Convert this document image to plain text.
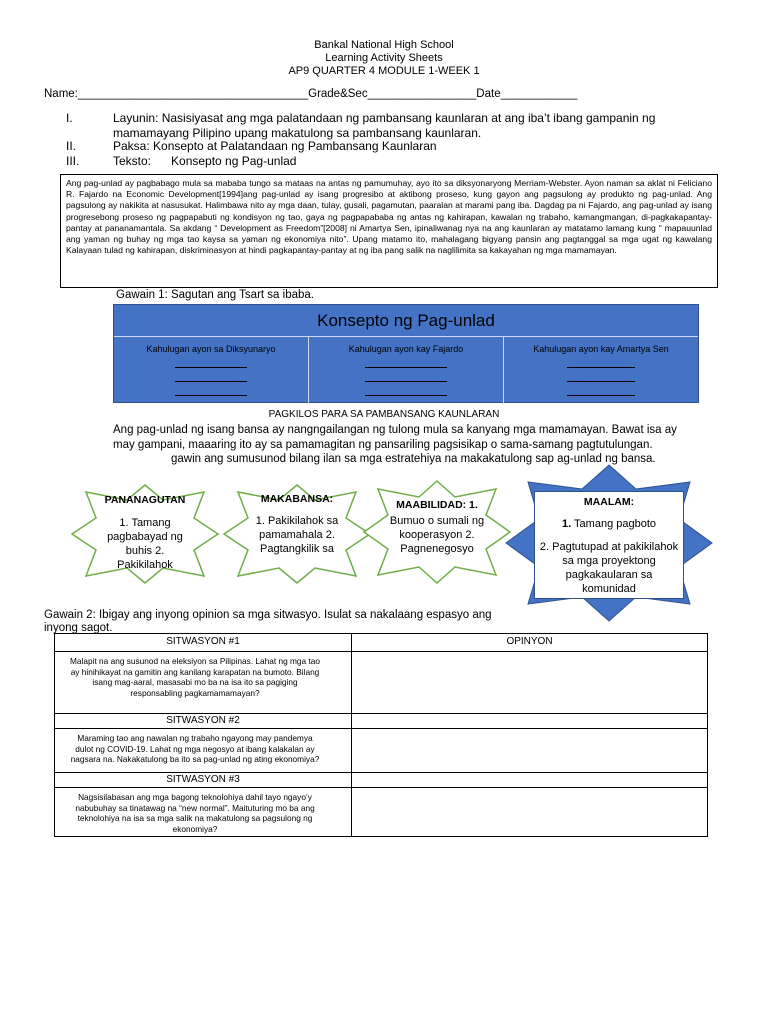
Bankal National High School
Learning Activity Sheets
AP9 QUARTER 4 MODULE 1-WEEK 1
Name:____________________________________Grade&Sec_________________Date____________
I.	Layunin: Nasisiyasat ang mga palatandaan ng pambansang kaunlaran at ang iba’t ibang gampanin ng mamamayang Pilipino upang makatulong sa pambansang kaunlaran.
II.	Paksa: Konsepto at Palatandaan ng Pambansang Kaunlaran
III.	Teksto:      Konsepto ng Pag-unlad
Ang pag-unlad ay pagbabago mula sa mababa tungo sa mataas na antas ng pamumuhay, ayo ito sa diksyonaryong Merriam-Webster. Ayon naman sa aklat ni Feliciano R. Fajardo na Economic Development[1994]ang pag-unlad ay isang progresibo at aktibong proseso, kung gayon ang pagsulong ay produkto ng pag-unlad. Ang pagsulong ay nakikita at nasusukat. Halimbawa nito ay mga daan, tulay, gusali, pagamutan, paaralan at marami pang iba. Dagdag pa ni Fajardo, ang pag-unlad ay isang progresebong proseso ng pagpapabuti ng kondisyon ng tao, gaya ng pagpapababa ng antas ng kahirapan, kawalan ng trabaho, kamangmangan, di-pagkakapantay-pantay at pananamantala. Sa akdang “ Development as Freedom”[2008] ni Amartya Sen, ipinaliwanag nya na ang kaunlaran ay matatamo lamang kung “ mapauunlad ang yaman ng buhay ng mga tao kaysa sa yaman ng ekonomiya nito”. Upang matamo ito, mahalagang bigyang pansin ang pagtanggal sa mga ugat ng kawalang Kalayaan tulad ng kahirapan, diskriminasyon at hindi pagkapantay-pantay at ng iba pang salik na naglilimita sa kakayahan ng mga mamamayan.
Gawain 1: Sagutan ang Tsart sa ibaba.
Konsepto ng Pag-unlad
Kahulugan ayon sa Diksyunaryo	Kahulugan ayon kay Fajardo	Kahulugan ayon kay Amartya Sen
PAGKILOS PARA SA PAMBANSANG KAUNLARAN
Ang pag-unlad ng isang bansa ay nangngailangan ng tulong mula sa kanyang mga mamamayan. Bawat isa ay
may gampani, maaaring ito ay sa pamamagitan ng pansariling pagsisikap o sama-samang pagtutulungan.
gawin ang sumusunod bilang ilan sa mga estratehiya na makakatulong sap ag-unlad ng bansa.
PANANAGUTAN
1. Tamang pagbabayad ng buhis 2. Pakikilahok
MAKABANSA:
1. Pakikilahok sa pamamahala 2. Pagtangkilik sa
MAABILIDAD: 1.
Bumuo o sumali ng kooperasyon 2. Pagnenegosyo
MAALAM:
1. Tamang pagboto
2. Pagtutupad at pakikilahok sa mga proyektong pagkakaularan sa komunidad
Gawain 2: Ibigay ang inyong opinion sa mga sitwasyo. Isulat sa nakalaang espasyo ang inyong sagot.
SITWASYON #1	OPINYON
Malapit na ang susunod na eleksiyon sa Pilipinas. Lahat ng mga tao ay hinihikayat na gamitin ang kanilang karapatan na bumoto. Bilang isang mag-aaral, masasabi mo ba na isa ito sa pagiging responsabling pagkamamamayan?	
SITWASYON #2	
Maraming tao ang nawalan ng trabaho ngayong may pandemya dulot ng COVID-19. Lahat ng mga negosyo at ibang kalakalan ay nagsara na. Nakakatulong ba ito sa pag-unlad ng ating ekonomiya?	
SITWASYON #3	
Nagsisilabasan ang mga bagong teknolohiya dahil tayo ngayo’y nabubuhay sa tinatawag na “new normal”. Maituturing mo ba ang teknolohiya na isa sa mga salik na makatulong sa pagsulong ng ekonomiya?	
